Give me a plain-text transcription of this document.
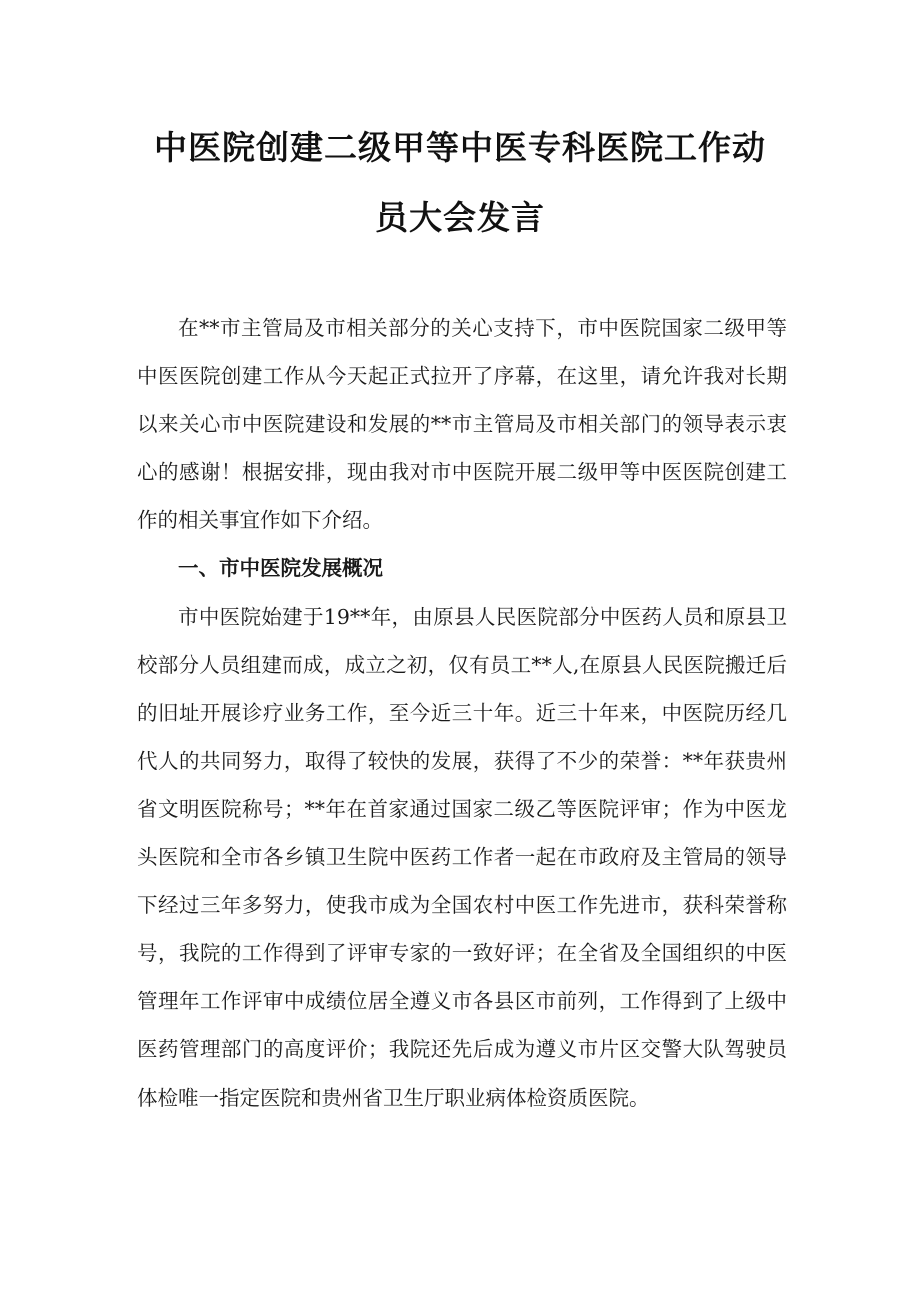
中医院创建二级甲等中医专科医院工作动
员大会发言

在**市主管局及市相关部分的关心支持下，市中医院国家二级甲等中医医院创建工作从今天起正式拉开了序幕，在这里，请允许我对长期以来关心市中医院建设和发展的**市主管局及市相关部门的领导表示衷心的感谢！根据安排，现由我对市中医院开展二级甲等中医医院创建工作的相关事宜作如下介绍。

一、市中医院发展概况

市中医院始建于19**年，由原县人民医院部分中医药人员和原县卫校部分人员组建而成，成立之初，仅有员工**人,在原县人民医院搬迁后的旧址开展诊疗业务工作，至今近三十年。近三十年来，中医院历经几代人的共同努力，取得了较快的发展，获得了不少的荣誉：**年获贵州省文明医院称号；**年在首家通过国家二级乙等医院评审；作为中医龙头医院和全市各乡镇卫生院中医药工作者一起在市政府及主管局的领导下经过三年多努力，使我市成为全国农村中医工作先进市，获科荣誉称号，我院的工作得到了评审专家的一致好评；在全省及全国组织的中医管理年工作评审中成绩位居全遵义市各县区市前列，工作得到了上级中医药管理部门的高度评价；我院还先后成为遵义市片区交警大队驾驶员体检唯一指定医院和贵州省卫生厅职业病体检资质医院。
